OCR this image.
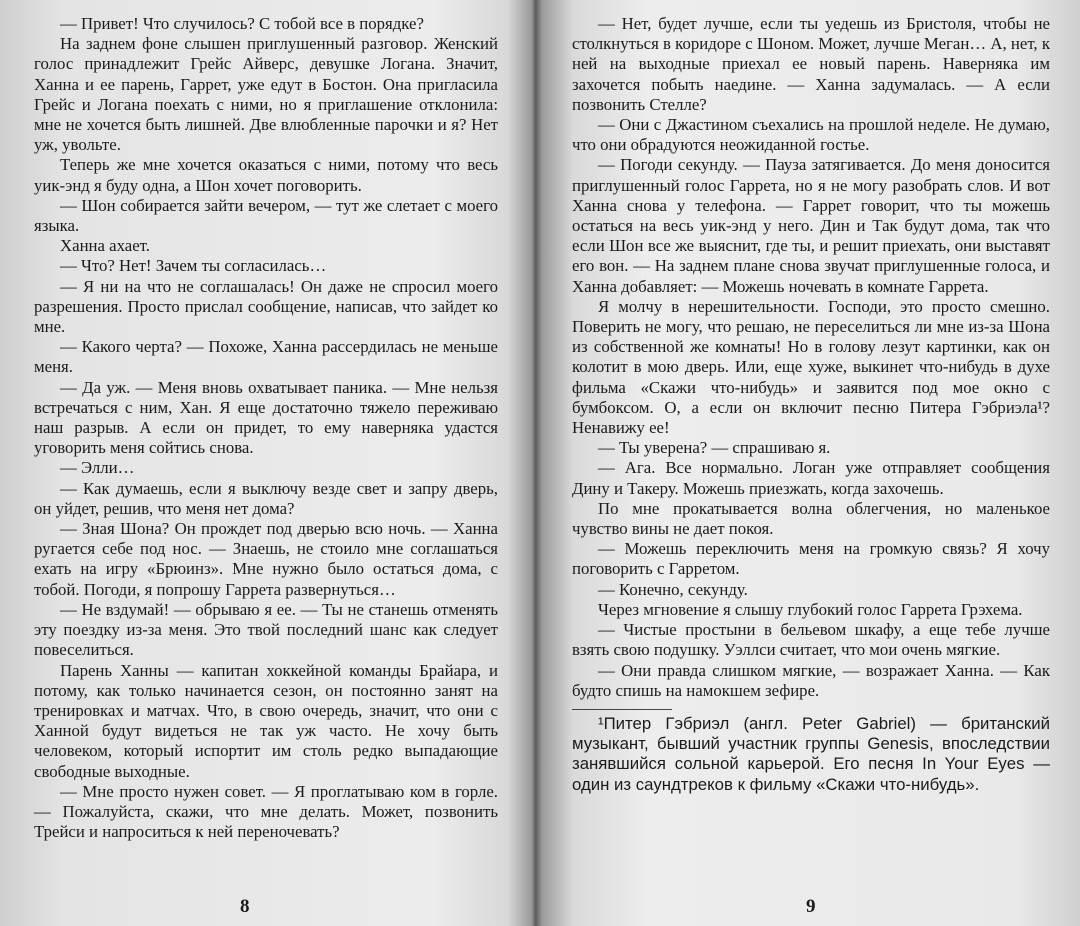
— Привет! Что случилось? С тобой все в порядке?

На заднем фоне слышен приглушенный разговор. Женский голос принадлежит Грейс Айверс, девушке Логана. Значит, Ханна и ее парень, Гаррет, уже едут в Бостон. Она пригласила Грейс и Логана поехать с ними, но я приглашение отклонила: мне не хочется быть лишней. Две влюбленные парочки и я? Нет уж, увольте.

Теперь же мне хочется оказаться с ними, потому что весь уик-энд я буду одна, а Шон хочет поговорить.

— Шон собирается зайти вечером, — тут же слетает с моего языка.

Ханна ахает.

— Что? Нет! Зачем ты согласилась…

— Я ни на что не соглашалась! Он даже не спросил моего разрешения. Просто прислал сообщение, написав, что зайдет ко мне.

— Какого черта? — Похоже, Ханна рассердилась не меньше меня.

— Да уж. — Меня вновь охватывает паника. — Мне нельзя встречаться с ним, Хан. Я еще достаточно тяжело переживаю наш разрыв. А если он придет, то ему наверняка удастся уговорить меня сойтись снова.

— Элли…

— Как думаешь, если я выключу везде свет и запру дверь, он уйдет, решив, что меня нет дома?

— Зная Шона? Он прождет под дверью всю ночь. — Ханна ругается себе под нос. — Знаешь, не стоило мне соглашаться ехать на игру «Брюинз». Мне нужно было остаться дома, с тобой. Погоди, я попрошу Гаррета развернуться…

— Не вздумай! — обрываю я ее. — Ты не станешь отменять эту поездку из-за меня. Это твой последний шанс как следует повеселиться.

Парень Ханны — капитан хоккейной команды Брайара, и потому, как только начинается сезон, он постоянно занят на тренировках и матчах. Что, в свою очередь, значит, что они с Ханной будут видеться не так уж часто. Не хочу быть человеком, который испортит им столь редко выпадающие свободные выходные.

— Мне просто нужен совет. — Я проглатываю ком в горле. — Пожалуйста, скажи, что мне делать. Может, позвонить Трейси и напроситься к ней переночевать?

8

— Нет, будет лучше, если ты уедешь из Бристоля, чтобы не столкнуться в коридоре с Шоном. Может, лучше Меган… А, нет, к ней на выходные приехал ее новый парень. Наверняка им захочется побыть наедине. — Ханна задумалась. — А если позвонить Стелле?

— Они с Джастином съехались на прошлой неделе. Не думаю, что они обрадуются неожиданной гостье.

— Погоди секунду. — Пауза затягивается. До меня доносится приглушенный голос Гаррета, но я не могу разобрать слов. И вот Ханна снова у телефона. — Гаррет говорит, что ты можешь остаться на весь уик-энд у него. Дин и Так будут дома, так что если Шон все же выяснит, где ты, и решит приехать, они выставят его вон. — На заднем плане снова звучат приглушенные голоса, и Ханна добавляет: — Можешь ночевать в комнате Гаррета.

Я молчу в нерешительности. Господи, это просто смешно. Поверить не могу, что решаю, не переселиться ли мне из-за Шона из собственной же комнаты! Но в голову лезут картинки, как он колотит в мою дверь. Или, еще хуже, выкинет что-нибудь в духе фильма «Скажи что-нибудь» и заявится под мое окно с бумбоксом. О, а если он включит песню Питера Гэбриэла¹? Ненавижу ее!

— Ты уверена? — спрашиваю я.

— Ага. Все нормально. Логан уже отправляет сообщения Дину и Такеру. Можешь приезжать, когда захочешь.

По мне прокатывается волна облегчения, но маленькое чувство вины не дает покоя.

— Можешь переключить меня на громкую связь? Я хочу поговорить с Гарретом.

— Конечно, секунду.

Через мгновение я слышу глубокий голос Гаррета Грэхема.

— Чистые простыни в бельевом шкафу, а еще тебе лучше взять свою подушку. Уэллси считает, что мои очень мягкие.

— Они правда слишком мягкие, — возражает Ханна. — Как будто спишь на намокшем зефире.

¹Питер Гэбриэл (англ. Peter Gabriel) — британский музыкант, бывший участник группы Genesis, впоследствии занявшийся сольной карьерой. Его песня In Your Eyes — один из саундтреков к фильму «Скажи что-нибудь».

9
